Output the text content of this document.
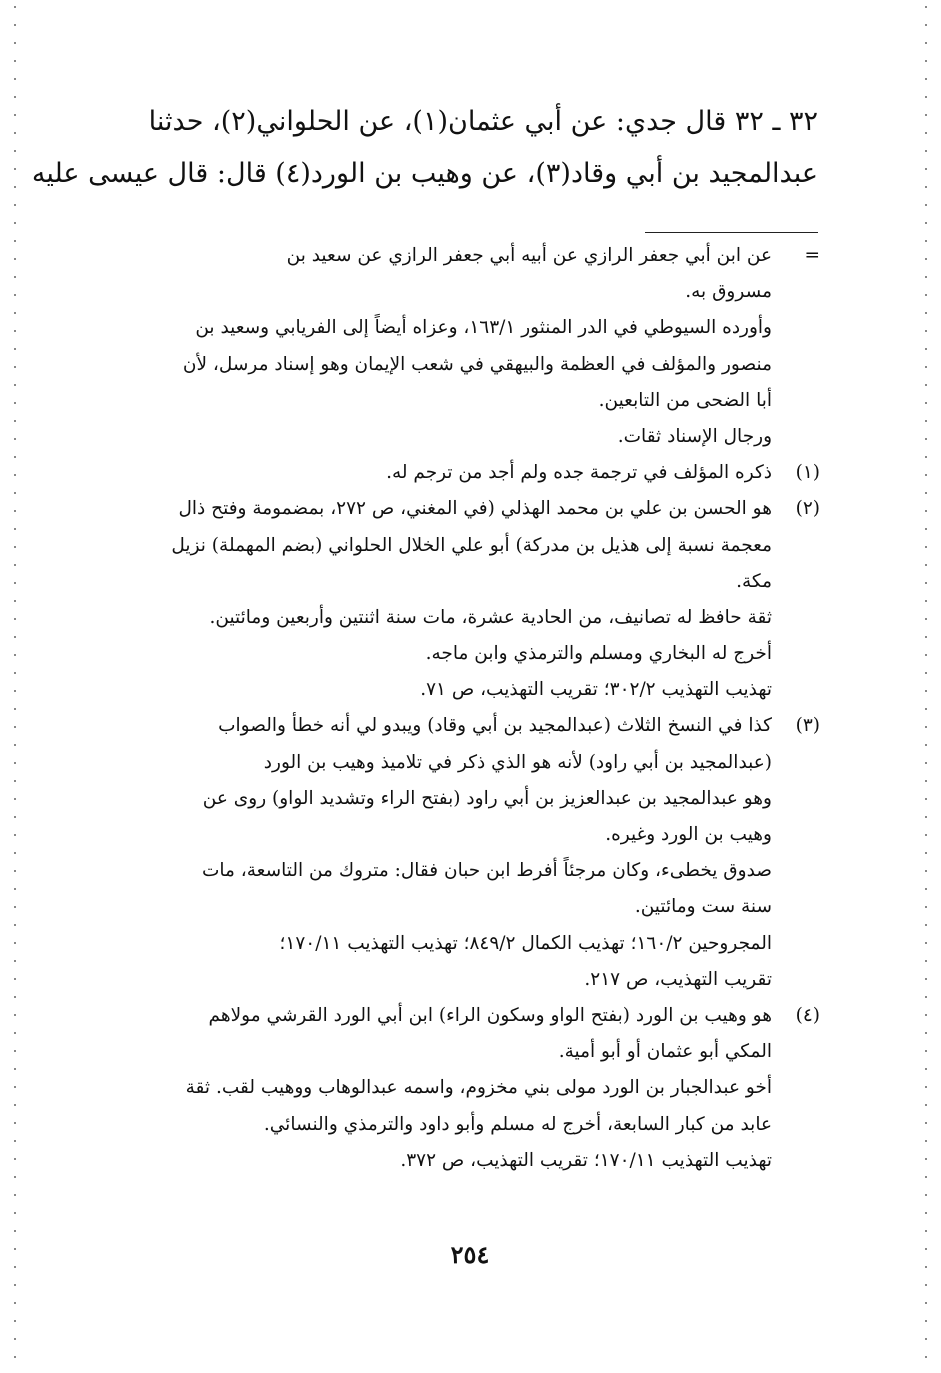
٣٢ ـ ٣٢ قال جدي: عن أبي عثمان(١)، عن الحلواني(٢)، حدثنا
عبدالمجيد بن أبي وقاد(٣)، عن وهيب بن الورد(٤) قال: قال عيسى عليه
=
عن ابن أبي جعفر الرازي عن أبيه أبي جعفر الرازي عن سعيد بن
مسروق به.
وأورده السيوطي في الدر المنثور ١٦٣/١، وعزاه أيضاً إلى الفريابي وسعيد بن
منصور والمؤلف في العظمة والبيهقي في شعب الإيمان وهو إسناد مرسل، لأن
أبا الضحى من التابعين.
ورجال الإسناد ثقات.
(١)
ذكره المؤلف في ترجمة جده ولم أجد من ترجم له.
(٢)
هو الحسن بن علي بن محمد الهذلي (في المغني، ص ٢٧٢، بمضمومة وفتح ذال
معجمة نسبة إلى هذيل بن مدركة) أبو علي الخلال الحلواني (بضم المهملة) نزيل
مكة.
ثقة حافظ له تصانيف، من الحادية عشرة، مات سنة اثنتين وأربعين ومائتين.
أخرج له البخاري ومسلم والترمذي وابن ماجه.
تهذيب التهذيب ٣٠٢/٢؛ تقريب التهذيب، ص ٧١.
(٣)
كذا في النسخ الثلاث (عبدالمجيد بن أبي وقاد) ويبدو لي أنه خطأ والصواب
(عبدالمجيد بن أبي راود) لأنه هو الذي ذكر في تلاميذ وهيب بن الورد
وهو عبدالمجيد بن عبدالعزيز بن أبي راود (بفتح الراء وتشديد الواو) روى عن
وهيب بن الورد وغيره.
صدوق يخطىء، وكان مرجئاً أفرط ابن حبان فقال: متروك من التاسعة، مات
سنة ست ومائتين.
المجروحين ١٦٠/٢؛ تهذيب الكمال ٨٤٩/٢؛ تهذيب التهذيب ١٧٠/١١؛
تقريب التهذيب، ص ٢١٧.
(٤)
هو وهيب بن الورد (بفتح الواو وسكون الراء) ابن أبي الورد القرشي مولاهم
المكي أبو عثمان أو أبو أمية.
أخو عبدالجبار بن الورد مولى بني مخزوم، واسمه عبدالوهاب ووهيب لقب. ثقة
عابد من كبار السابعة، أخرج له مسلم وأبو داود والترمذي والنسائي.
تهذيب التهذيب ١٧٠/١١؛ تقريب التهذيب، ص ٣٧٢.
٢٥٤
